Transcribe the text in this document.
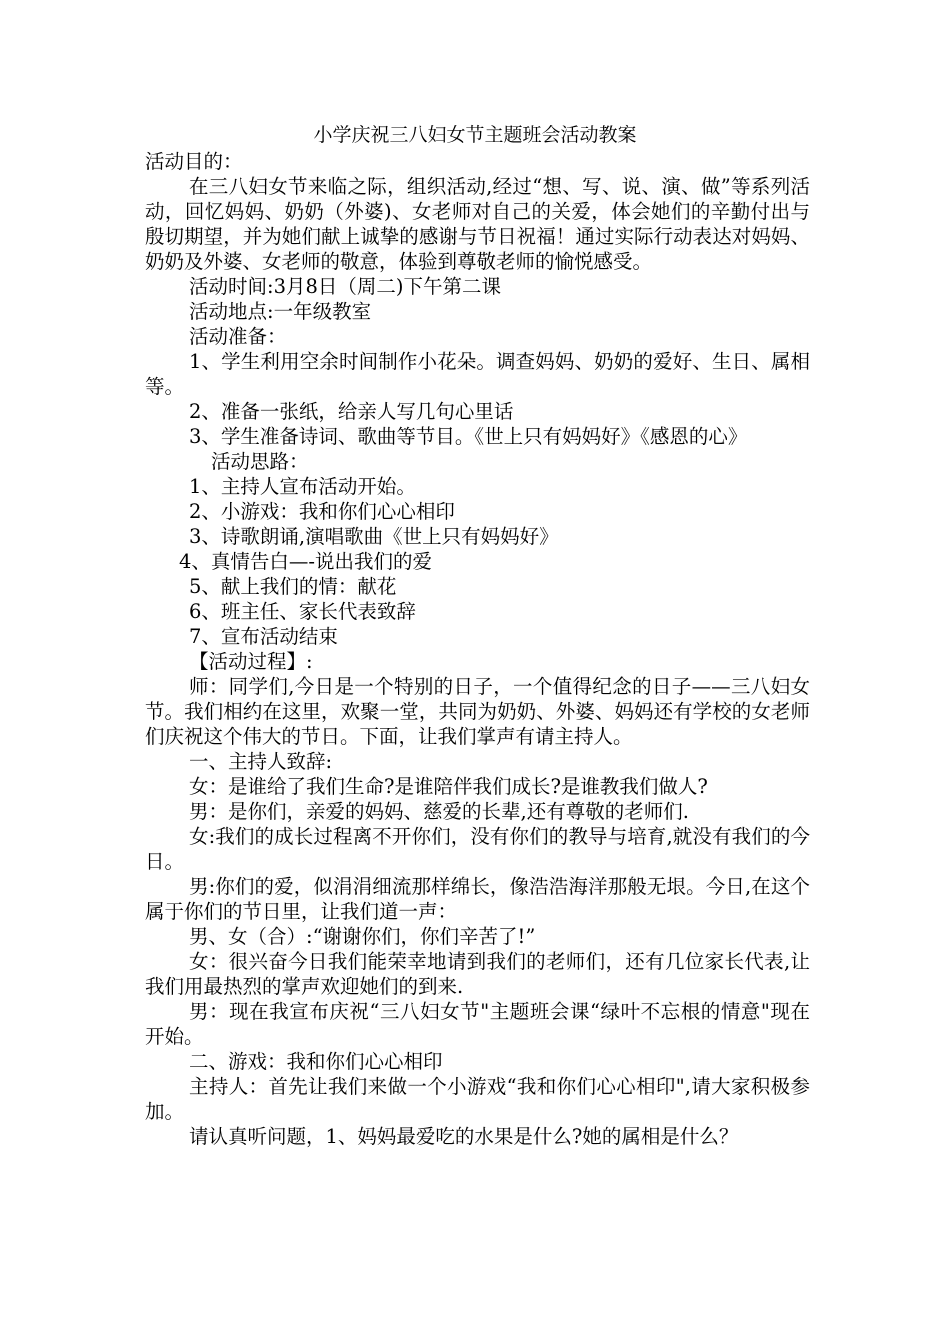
小学庆祝三八妇女节主题班会活动教案

活动目的：

在三八妇女节来临之际，组织活动,经过“想、写、说、演、做”等系列活动，回忆妈妈、奶奶（外婆)、女老师对自己的关爱，体会她们的辛勤付出与殷切期望，并为她们献上诚挚的感谢与节日祝福！通过实际行动表达对妈妈、奶奶及外婆、女老师的敬意，体验到尊敬老师的愉悦感受。

活动时间:3月8日（周二)下午第二课

活动地点:一年级教室

活动准备：

1、学生利用空余时间制作小花朵。调查妈妈、奶奶的爱好、生日、属相等。

2、准备一张纸，给亲人写几句心里话

3、学生准备诗词、歌曲等节目。《世上只有妈妈好》《感恩的心》

活动思路：

1、主持人宣布活动开始。

2、小游戏：我和你们心心相印

3、诗歌朗诵,演唱歌曲《世上只有妈妈好》

4、真情告白—-说出我们的爱

5、献上我们的情：献花

6、班主任、家长代表致辞

7、宣布活动结束

【活动过程】:

师：同学们,今日是一个特别的日子，一个值得纪念的日子——三八妇女节。我们相约在这里，欢聚一堂，共同为奶奶、外婆、妈妈还有学校的女老师们庆祝这个伟大的节日。下面，让我们掌声有请主持人。

一、主持人致辞:

女：是谁给了我们生命?是谁陪伴我们成长?是谁教我们做人?

男：是你们，亲爱的妈妈、慈爱的长辈,还有尊敬的老师们.

女:我们的成长过程离不开你们，没有你们的教导与培育,就没有我们的今日。

男:你们的爱，似涓涓细流那样绵长，像浩浩海洋那般无垠。今日,在这个属于你们的节日里，让我们道一声：

男、女（合）:“谢谢你们，你们辛苦了!”

女：很兴奋今日我们能荣幸地请到我们的老师们，还有几位家长代表,让我们用最热烈的掌声欢迎她们的到来.

男：现在我宣布庆祝“三八妇女节"主题班会课“绿叶不忘根的情意"现在开始。

二、游戏：我和你们心心相印

主持人：首先让我们来做一个小游戏“我和你们心心相印",请大家积极参加。

请认真听问题，1、妈妈最爱吃的水果是什么?她的属相是什么？
